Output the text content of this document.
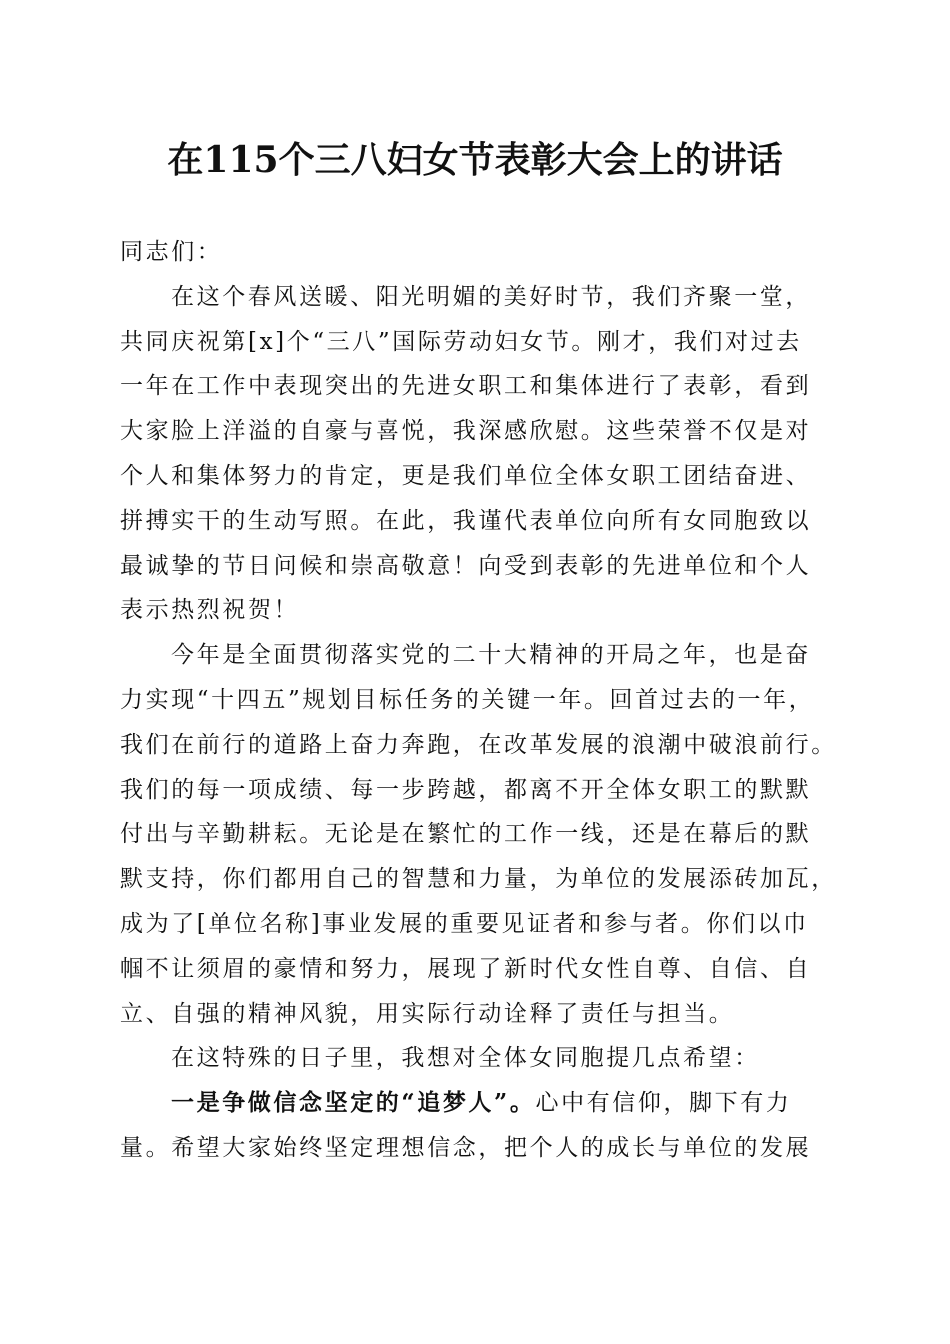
在115个三八妇女节表彰大会上的讲话
同志们：
在这个春风送暖、阳光明媚的美好时节，我们齐聚一堂，
共同庆祝第[x]个“三八”国际劳动妇女节。刚才，我们对过去
一年在工作中表现突出的先进女职工和集体进行了表彰，看到
大家脸上洋溢的自豪与喜悦，我深感欣慰。这些荣誉不仅是对
个人和集体努力的肯定，更是我们单位全体女职工团结奋进、
拼搏实干的生动写照。在此，我谨代表单位向所有女同胞致以
最诚挚的节日问候和崇高敬意！向受到表彰的先进单位和个人
表示热烈祝贺！
今年是全面贯彻落实党的二十大精神的开局之年，也是奋
力实现“十四五”规划目标任务的关键一年。回首过去的一年，
我们在前行的道路上奋力奔跑，在改革发展的浪潮中破浪前行。
我们的每一项成绩、每一步跨越，都离不开全体女职工的默默
付出与辛勤耕耘。无论是在繁忙的工作一线，还是在幕后的默
默支持，你们都用自己的智慧和力量，为单位的发展添砖加瓦，
成为了[单位名称]事业发展的重要见证者和参与者。你们以巾
帼不让须眉的豪情和努力，展现了新时代女性自尊、自信、自
立、自强的精神风貌，用实际行动诠释了责任与担当。
在这特殊的日子里，我想对全体女同胞提几点希望：
一是争做信念坚定的“追梦人”。心中有信仰，脚下有力
量。希望大家始终坚定理想信念，把个人的成长与单位的发展
